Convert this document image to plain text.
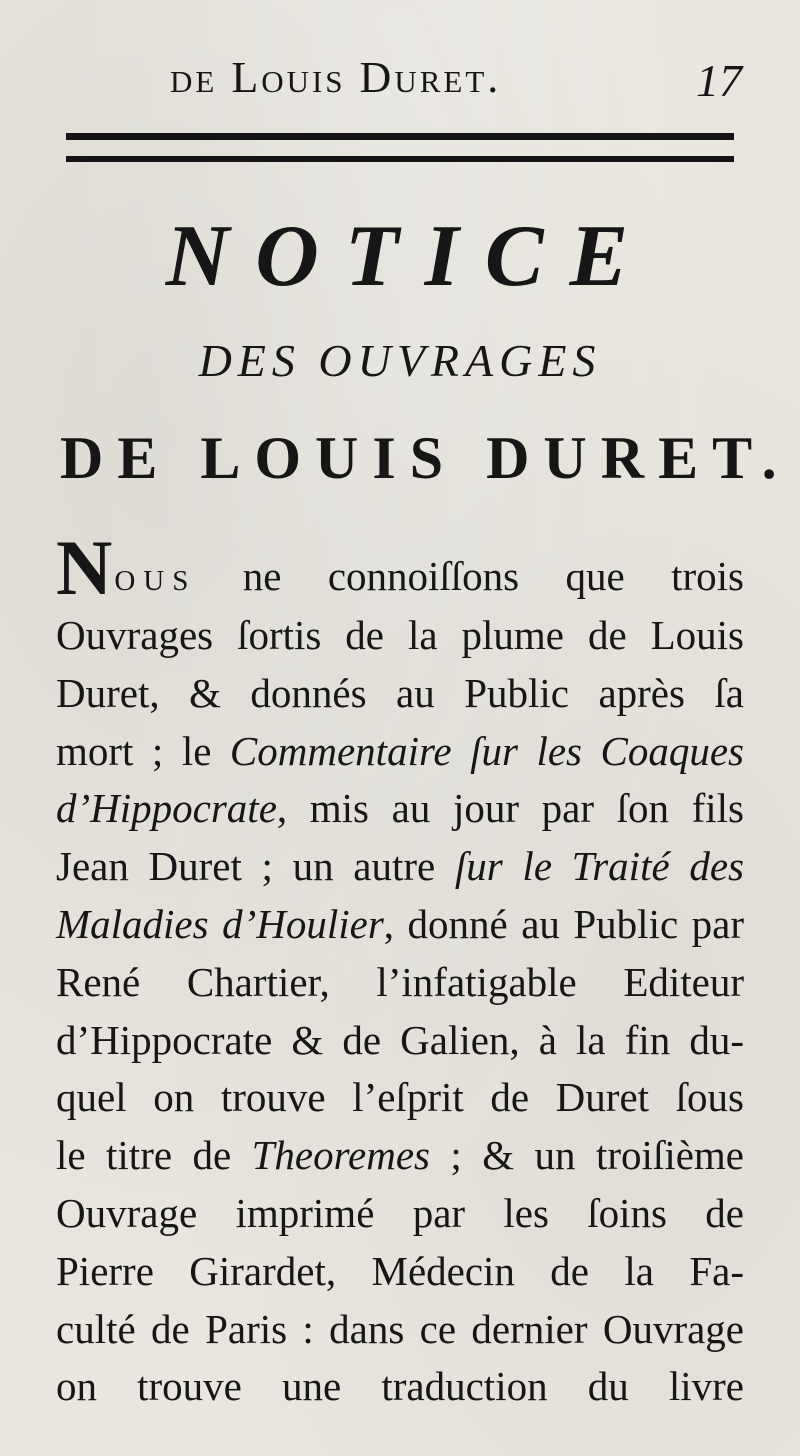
de Louis Duret.	17
NOTICE
DES OUVRAGES
DE LOUIS DURET.
Nous ne connoiſſons que trois
Ouvrages ſortis de la plume de Louis
Duret, & donnés au Public après ſa
mort ; le Commentaire ſur les Coaques
d’Hippocrate, mis au jour par ſon fils
Jean Duret ; un autre ſur le Traité des
Maladies d’Houlier, donné au Public par
René Chartier, l’infatigable Editeur
d’Hippocrate & de Galien, à la fin du-
quel on trouve l’eſprit de Duret ſous
le titre de Theoremes ; & un troiſième
Ouvrage imprimé par les ſoins de
Pierre Girardet, Médecin de la Fa-
culté de Paris : dans ce dernier Ouvrage
on trouve une traduction du livre
